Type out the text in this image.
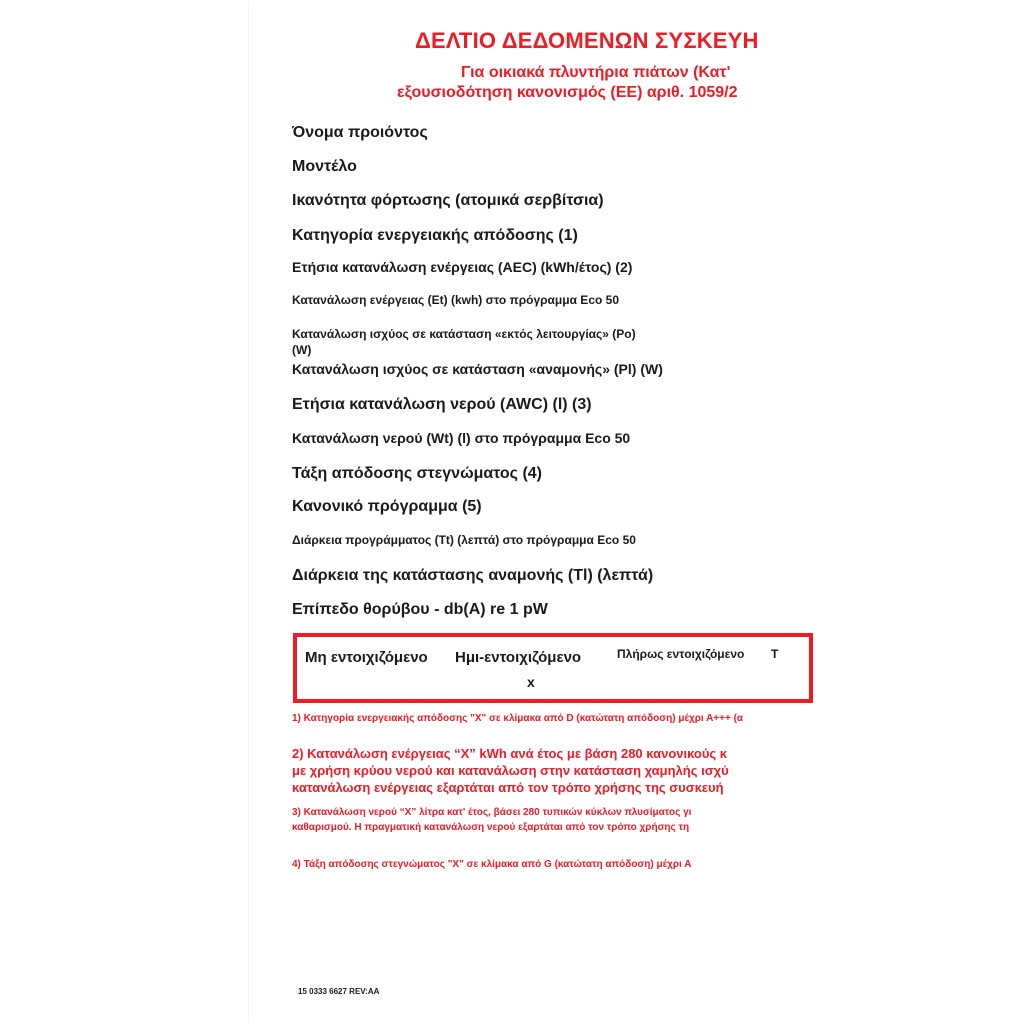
ΔΕΛΤΙΟ ΔΕΔΟΜΕΝΩΝ ΣΥΣΚΕΥΗ
Για οικιακά πλυντήρια πιάτων (Κατ'
εξουσιοδότηση κανονισμός (ΕΕ) αριθ. 1059/2
Όνομα προιόντος
Μοντέλο
Ικανότητα φόρτωσης (ατομικά σερβίτσια)
Κατηγορία ενεργειακής απόδοσης (1)
Ετήσια κατανάλωση ενέργειας (AEC) (kWh/έτος) (2)
Κατανάλωση ενέργειας (Et) (kwh) στο πρόγραμμα Eco 50
Κατανάλωση ισχύος σε κατάσταση «εκτός λειτουργίας» (Po)
(W)
Κατανάλωση ισχύος σε κατάσταση «αναμονής» (Pl) (W)
Ετήσια κατανάλωση νερού (AWC) (l) (3)
Κατανάλωση νερού (Wt) (l) στο πρόγραμμα Eco 50
Τάξη απόδοσης στεγνώματος (4)
Κανονικό πρόγραμμα (5)
Διάρκεια προγράμματος (Tt) (λεπτά) στο πρόγραμμα Eco 50
Διάρκεια της κατάστασης αναμονής (Tl) (λεπτά)
Επίπεδο θορύβου - db(A) re 1 pW
Μη εντοιχιζόμενο Ημι-εντοιχιζόμενο	Πλήρως εντοιχιζόμενο Τ
x
1) Κατηγορία ενεργειακής απόδοσης "Χ" σε κλίμακα από D (κατώτατη απόδοση) μέχρι Α+++ (α
2) Κατανάλωση ενέργειας “Χ” kWh ανά έτος με βάση 280 κανονικούς κ
με χρήση κρύου νερού και κατανάλωση στην κατάσταση χαμηλής ισχύ
κατανάλωση ενέργειας εξαρτάται από τον τρόπο χρήσης της συσκευή
3) Κατανάλωση νερού “Χ” λίτρα κατ' έτος, βάσει 280 τυπικών κύκλων πλυσίματος γι
καθαρισμού. Η πραγματική κατανάλωση νερού εξαρτάται από τον τρόπο χρήσης τη
4) Τάξη απόδοσης στεγνώματος "Χ" σε κλίμακα από G (κατώτατη απόδοση) μέχρι Α
15 0333 6627 REV:AA
